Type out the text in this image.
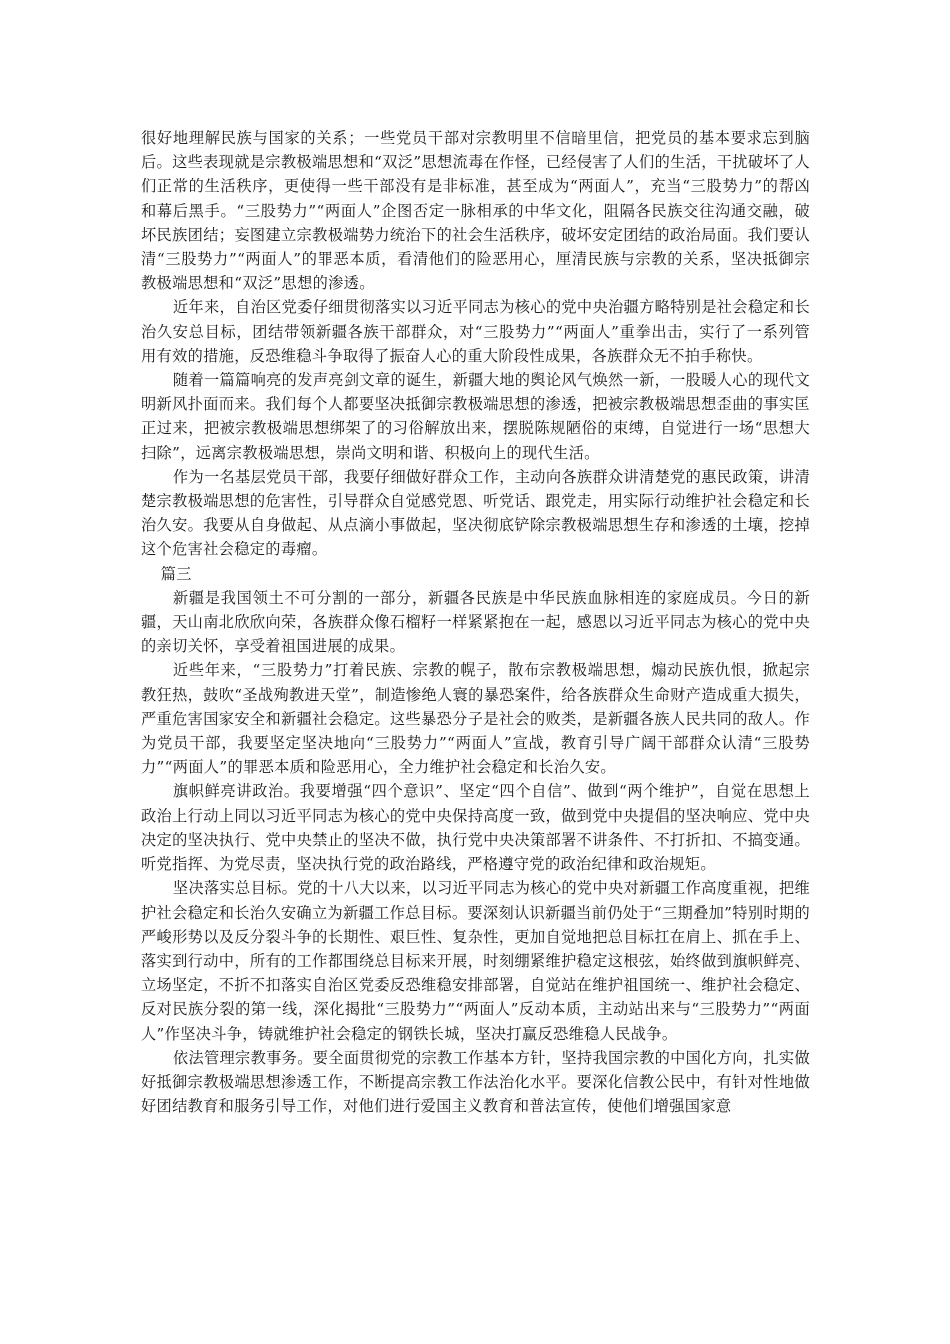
很好地理解民族与国家的关系；一些党员干部对宗教明里不信暗里信，把党员的基本要求忘到脑后。这些表现就是宗教极端思想和“双泛”思想流毒在作怪，已经侵害了人们的生活，干扰破坏了人们正常的生活秩序，更使得一些干部没有是非标准，甚至成为“两面人”，充当“三股势力”的帮凶和幕后黑手。“三股势力”“两面人”企图否定一脉相承的中华文化，阻隔各民族交往沟通交融，破坏民族团结；妄图建立宗教极端势力统治下的社会生活秩序，破坏安定团结的政治局面。我们要认清“三股势力”“两面人”的罪恶本质，看清他们的险恶用心，厘清民族与宗教的关系，坚决抵御宗教极端思想和“双泛”思想的渗透。

近年来，自治区党委仔细贯彻落实以习近平同志为核心的党中央治疆方略特别是社会稳定和长治久安总目标，团结带领新疆各族干部群众，对“三股势力”“两面人”重拳出击，实行了一系列管用有效的措施，反恐维稳斗争取得了振奋人心的重大阶段性成果，各族群众无不拍手称快。

随着一篇篇响亮的发声亮剑文章的诞生，新疆大地的舆论风气焕然一新，一股暖人心的现代文明新风扑面而来。我们每个人都要坚决抵御宗教极端思想的渗透，把被宗教极端思想歪曲的事实匡正过来，把被宗教极端思想绑架了的习俗解放出来，摆脱陈规陋俗的束缚，自觉进行一场“思想大扫除”，远离宗教极端思想，崇尚文明和谐、积极向上的现代生活。

作为一名基层党员干部，我要仔细做好群众工作，主动向各族群众讲清楚党的惠民政策，讲清楚宗教极端思想的危害性，引导群众自觉感党恩、听党话、跟党走，用实际行动维护社会稳定和长治久安。我要从自身做起、从点滴小事做起，坚决彻底铲除宗教极端思想生存和渗透的土壤，挖掉这个危害社会稳定的毒瘤。

篇三

新疆是我国领土不可分割的一部分，新疆各民族是中华民族血脉相连的家庭成员。今日的新疆，天山南北欣欣向荣，各族群众像石榴籽一样紧紧抱在一起，感恩以习近平同志为核心的党中央的亲切关怀，享受着祖国进展的成果。

近些年来，“三股势力”打着民族、宗教的幌子，散布宗教极端思想，煽动民族仇恨，掀起宗教狂热，鼓吹“圣战殉教进天堂”，制造惨绝人寰的暴恐案件，给各族群众生命财产造成重大损失，严重危害国家安全和新疆社会稳定。这些暴恐分子是社会的败类，是新疆各族人民共同的敌人。作为党员干部，我要坚定坚决地向“三股势力”“两面人”宣战，教育引导广阔干部群众认清“三股势力”“两面人”的罪恶本质和险恶用心，全力维护社会稳定和长治久安。

旗帜鲜亮讲政治。我要增强“四个意识”、坚定“四个自信”、做到“两个维护”，自觉在思想上政治上行动上同以习近平同志为核心的党中央保持高度一致，做到党中央提倡的坚决响应、党中央决定的坚决执行、党中央禁止的坚决不做，执行党中央决策部署不讲条件、不打折扣、不搞变通。听党指挥、为党尽责，坚决执行党的政治路线，严格遵守党的政治纪律和政治规矩。

坚决落实总目标。党的十八大以来，以习近平同志为核心的党中央对新疆工作高度重视，把维护社会稳定和长治久安确立为新疆工作总目标。要深刻认识新疆当前仍处于“三期叠加”特别时期的严峻形势以及反分裂斗争的长期性、艰巨性、复杂性，更加自觉地把总目标扛在肩上、抓在手上、落实到行动中，所有的工作都围绕总目标来开展，时刻绷紧维护稳定这根弦，始终做到旗帜鲜亮、立场坚定，不折不扣落实自治区党委反恐维稳安排部署，自觉站在维护祖国统一、维护社会稳定、反对民族分裂的第一线，深化揭批“三股势力”“两面人”反动本质，主动站出来与“三股势力”“两面人”作坚决斗争，铸就维护社会稳定的钢铁长城，坚决打赢反恐维稳人民战争。

依法管理宗教事务。要全面贯彻党的宗教工作基本方针，坚持我国宗教的中国化方向，扎实做好抵御宗教极端思想渗透工作，不断提高宗教工作法治化水平。要深化信教公民中，有针对性地做好团结教育和服务引导工作，对他们进行爱国主义教育和普法宣传，使他们增强国家意
